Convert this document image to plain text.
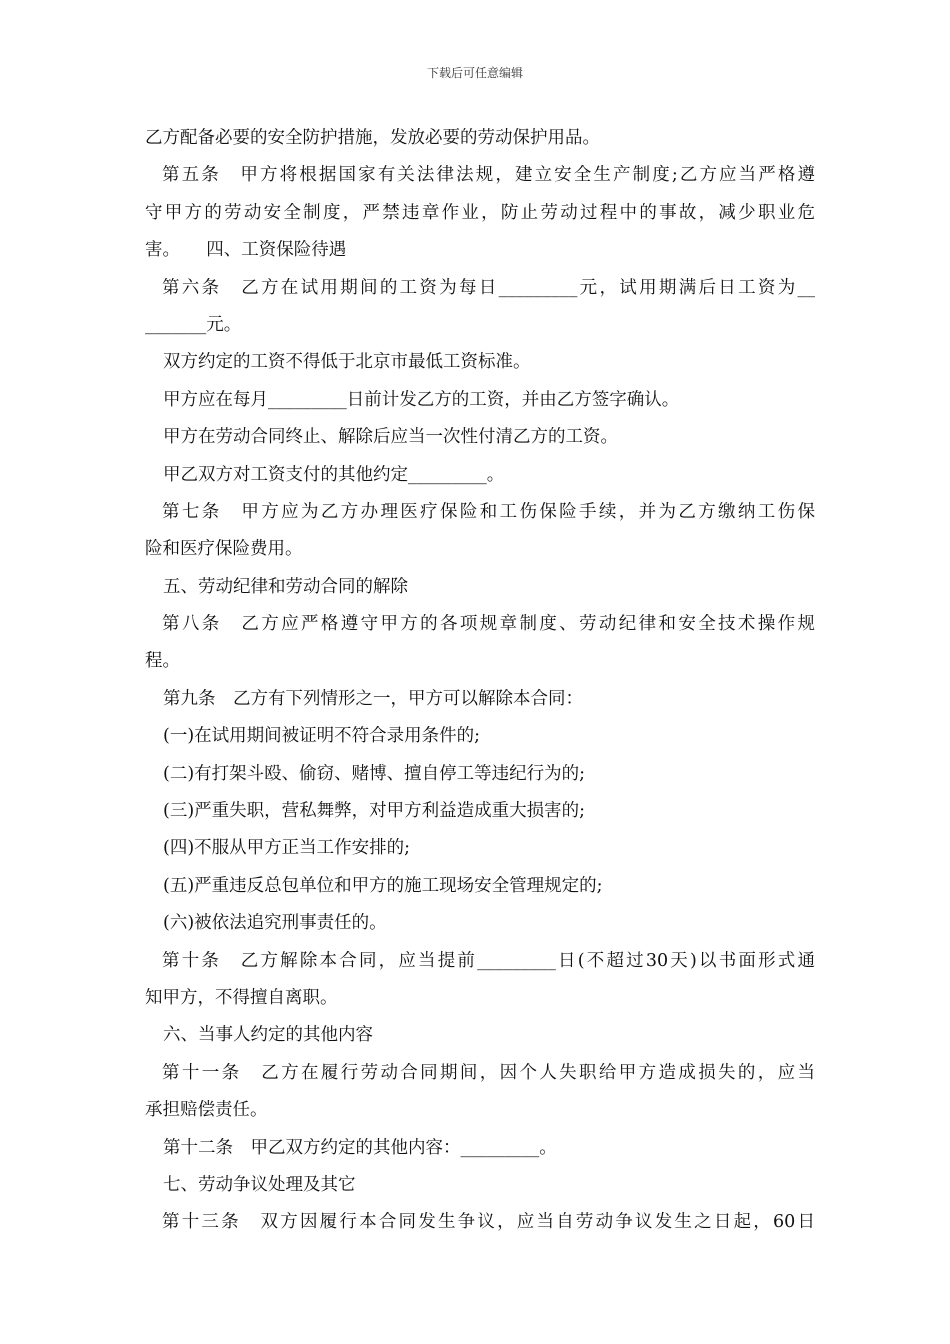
下载后可任意编辑
乙方配备必要的安全防护措施，发放必要的劳动保护用品。
第五条　甲方将根据国家有关法律法规，建立安全生产制度;乙方应当严格遵
守甲方的劳动安全制度，严禁违章作业，防止劳动过程中的事故，减少职业危
害。　　四、工资保险待遇
第六条　乙方在试用期间的工资为每日_________元，试用期满后日工资为__
_______元。
双方约定的工资不得低于北京市最低工资标准。
甲方应在每月_________日前计发乙方的工资，并由乙方签字确认。
甲方在劳动合同终止、解除后应当一次性付清乙方的工资。
甲乙双方对工资支付的其他约定_________。
第七条　甲方应为乙方办理医疗保险和工伤保险手续，并为乙方缴纳工伤保
险和医疗保险费用。
五、劳动纪律和劳动合同的解除
第八条　乙方应严格遵守甲方的各项规章制度、劳动纪律和安全技术操作规
程。
第九条　乙方有下列情形之一，甲方可以解除本合同：
(一)在试用期间被证明不符合录用条件的;
(二)有打架斗殴、偷窃、赌博、擅自停工等违纪行为的;
(三)严重失职，营私舞弊，对甲方利益造成重大损害的;
(四)不服从甲方正当工作安排的;
(五)严重违反总包单位和甲方的施工现场安全管理规定的;
(六)被依法追究刑事责任的。
第十条　乙方解除本合同，应当提前_________日(不超过30天)以书面形式通
知甲方，不得擅自离职。
六、当事人约定的其他内容
第十一条　乙方在履行劳动合同期间，因个人失职给甲方造成损失的，应当
承担赔偿责任。
第十二条　甲乙双方约定的其他内容：_________。
七、劳动争议处理及其它
第十三条　双方因履行本合同发生争议，应当自劳动争议发生之日起，60日
